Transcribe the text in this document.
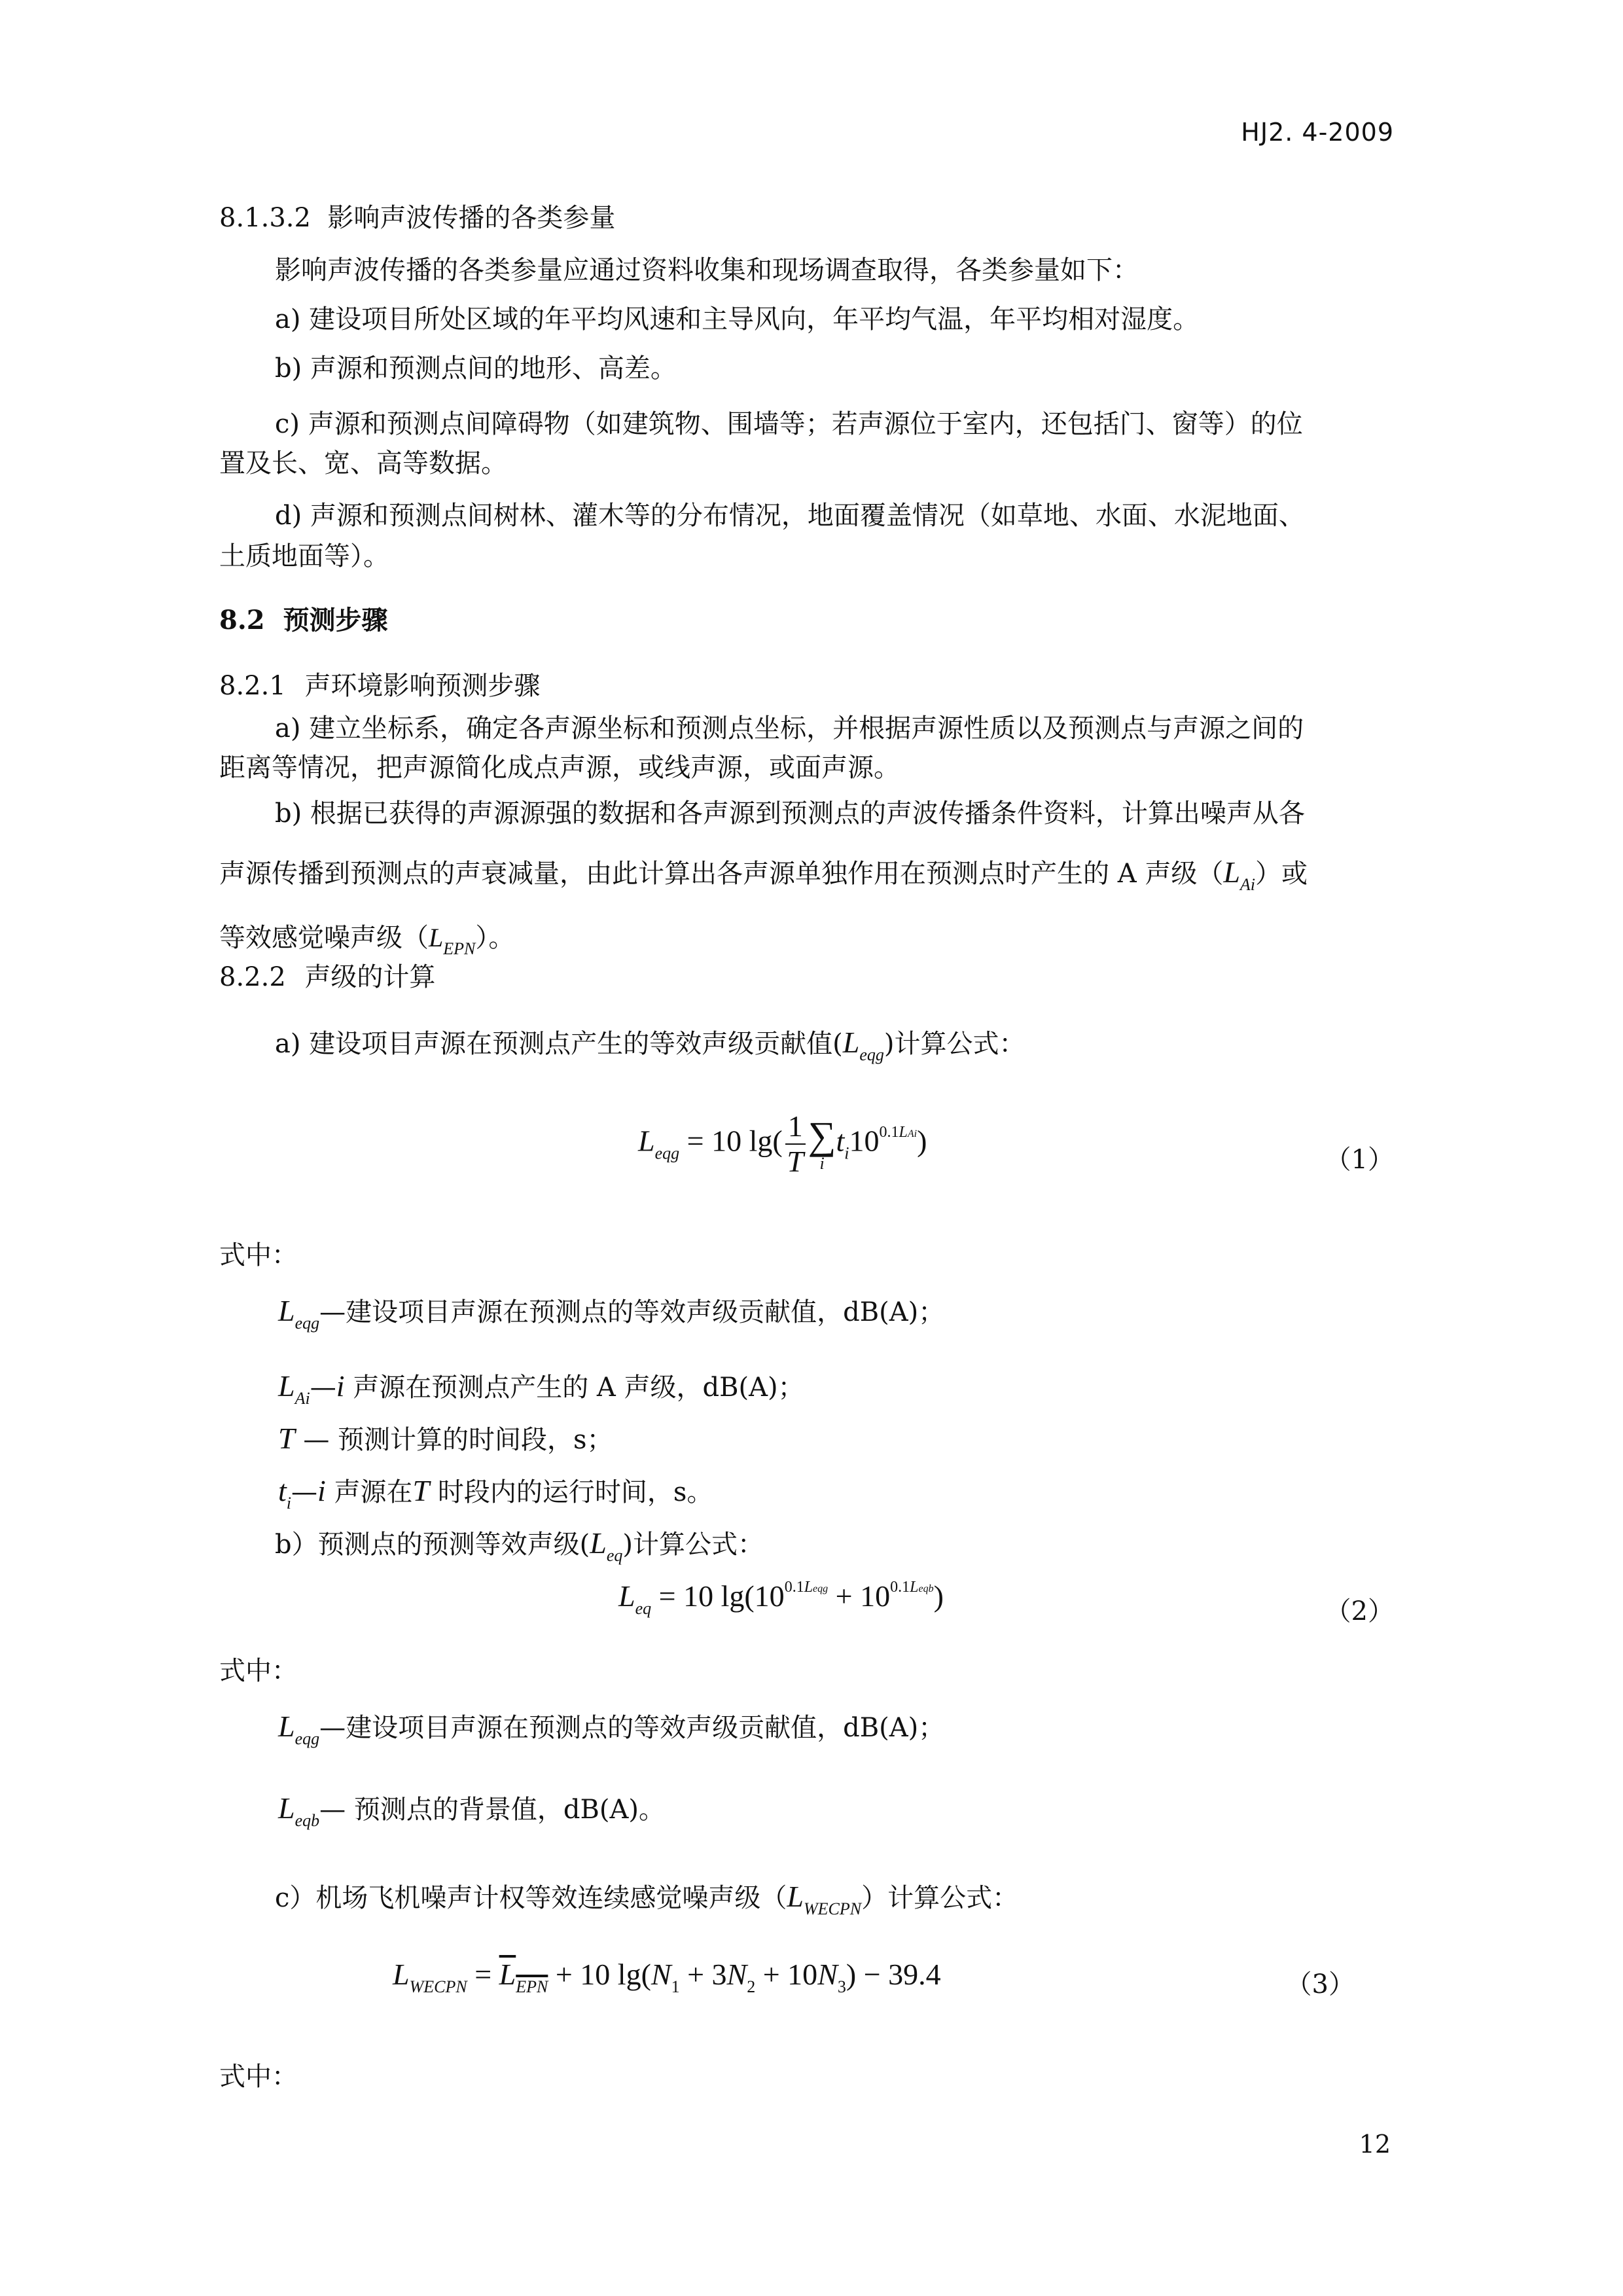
HJ2. 4-2009
8.1.3.2 影响声波传播的各类参量
影响声波传播的各类参量应通过资料收集和现场调查取得，各类参量如下：
a) 建设项目所处区域的年平均风速和主导风向，年平均气温，年平均相对湿度。
b) 声源和预测点间的地形、高差。
c) 声源和预测点间障碍物（如建筑物、围墙等；若声源位于室内，还包括门、窗等）的位
置及长、宽、高等数据。
d) 声源和预测点间树林、灌木等的分布情况，地面覆盖情况（如草地、水面、水泥地面、
土质地面等）。
8.2 预测步骤
8.2.1 声环境影响预测步骤
a) 建立坐标系，确定各声源坐标和预测点坐标，并根据声源性质以及预测点与声源之间的
距离等情况，把声源简化成点声源，或线声源，或面声源。
b) 根据已获得的声源源强的数据和各声源到预测点的声波传播条件资料，计算出噪声从各
声源传播到预测点的声衰减量，由此计算出各声源单独作用在预测点时产生的 A 声级$(L_{Ai})$或
等效感觉噪声级$(L_{EPN})$。
8.2.2 声级的计算
a) 建设项目声源在预测点产生的等效声级贡献值$(L_{eqg})$计算公式：
$L_{eqg} = 10$ $\lg( \frac{1}{T}$ ∑
i
$t_i10^{0.1LAi}$)
（1）
式中：
$L_{eqg}—$建设项目声源在预测点的等效声级贡献值，dB(A)；
$L_{Ai}—i$ 声源在预测点产生的 A 声级，dB(A)；
T — 预测计算的时间段，s；
$t_i—i$ 声源在T 时段内的运行时间，s。
b）预测点的预测等效声级$(L_{eq})$计算公式：
$L_{eq} = 10$ $\lg(10^{0.1Leqg} + 10^{0.1Leqb})$	（2）
式中：
$L_{eqg}—$建设项目声源在预测点的等效声级贡献值，dB(A)；
$L_{eqb}—$ 预测点的背景值，dB(A)。
c）机场飞机噪声计权等效连续感觉噪声级$(L_{WECPN})$计算公式：
$L_{WECPN} = L_{EPN} + 10$ $\lg(N_1 + 3N_2 + 10N_3) - 39.4$	（3）
式中：
12
